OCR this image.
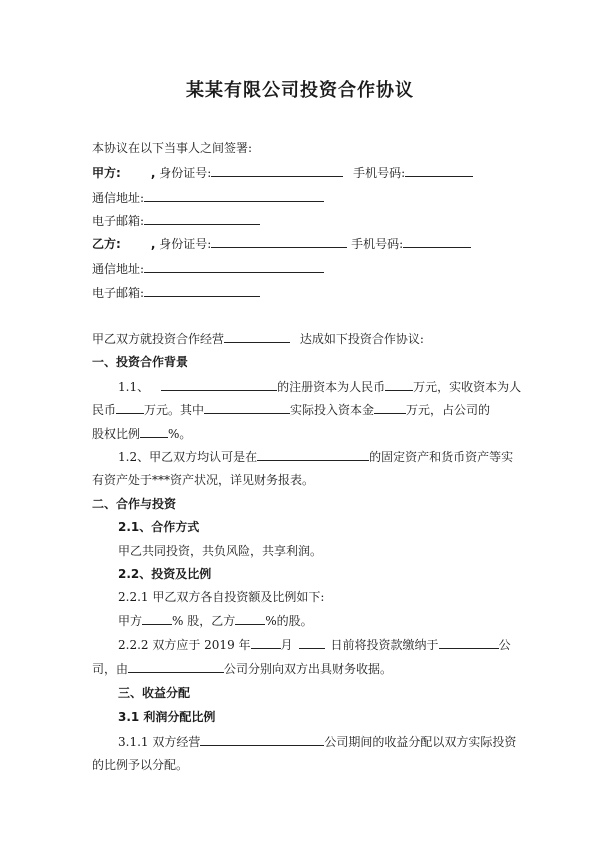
某某有限公司投资合作协议
本协议在以下当事人之间签署:
甲方:	, 身份证号:	手机号码:
通信地址:
电子邮箱:
乙方:	, 身份证号:	手机号码:
通信地址:
电子邮箱:
甲乙双方就投资合作经营	达成如下投资合作协议:
一、投资合作背景
1.1、	的注册资本为人民币 万元，实收资本为人
民币 万元。其中	实际投入资本金	万元，占公司的
股权比例 %。
1.2、甲乙双方均认可是在	的固定资产和货币资产等实
有资产处于***资产状况，详见财务报表。
二、合作与投资
2.1、合作方式
甲乙共同投资，共负风险，共享利润。
2.2、投资及比例
2.2.1 甲乙双方各自投资额及比例如下:
甲方	% 股，乙方	%的股。
2.2.2 双方应于 2019 年	月	日前将投资款缴纳于	公
司，由	公司分别向双方出具财务收据。
三、收益分配
3.1 利润分配比例
3.1.1 双方经营	公司期间的收益分配以双方实际投资
的比例予以分配。
